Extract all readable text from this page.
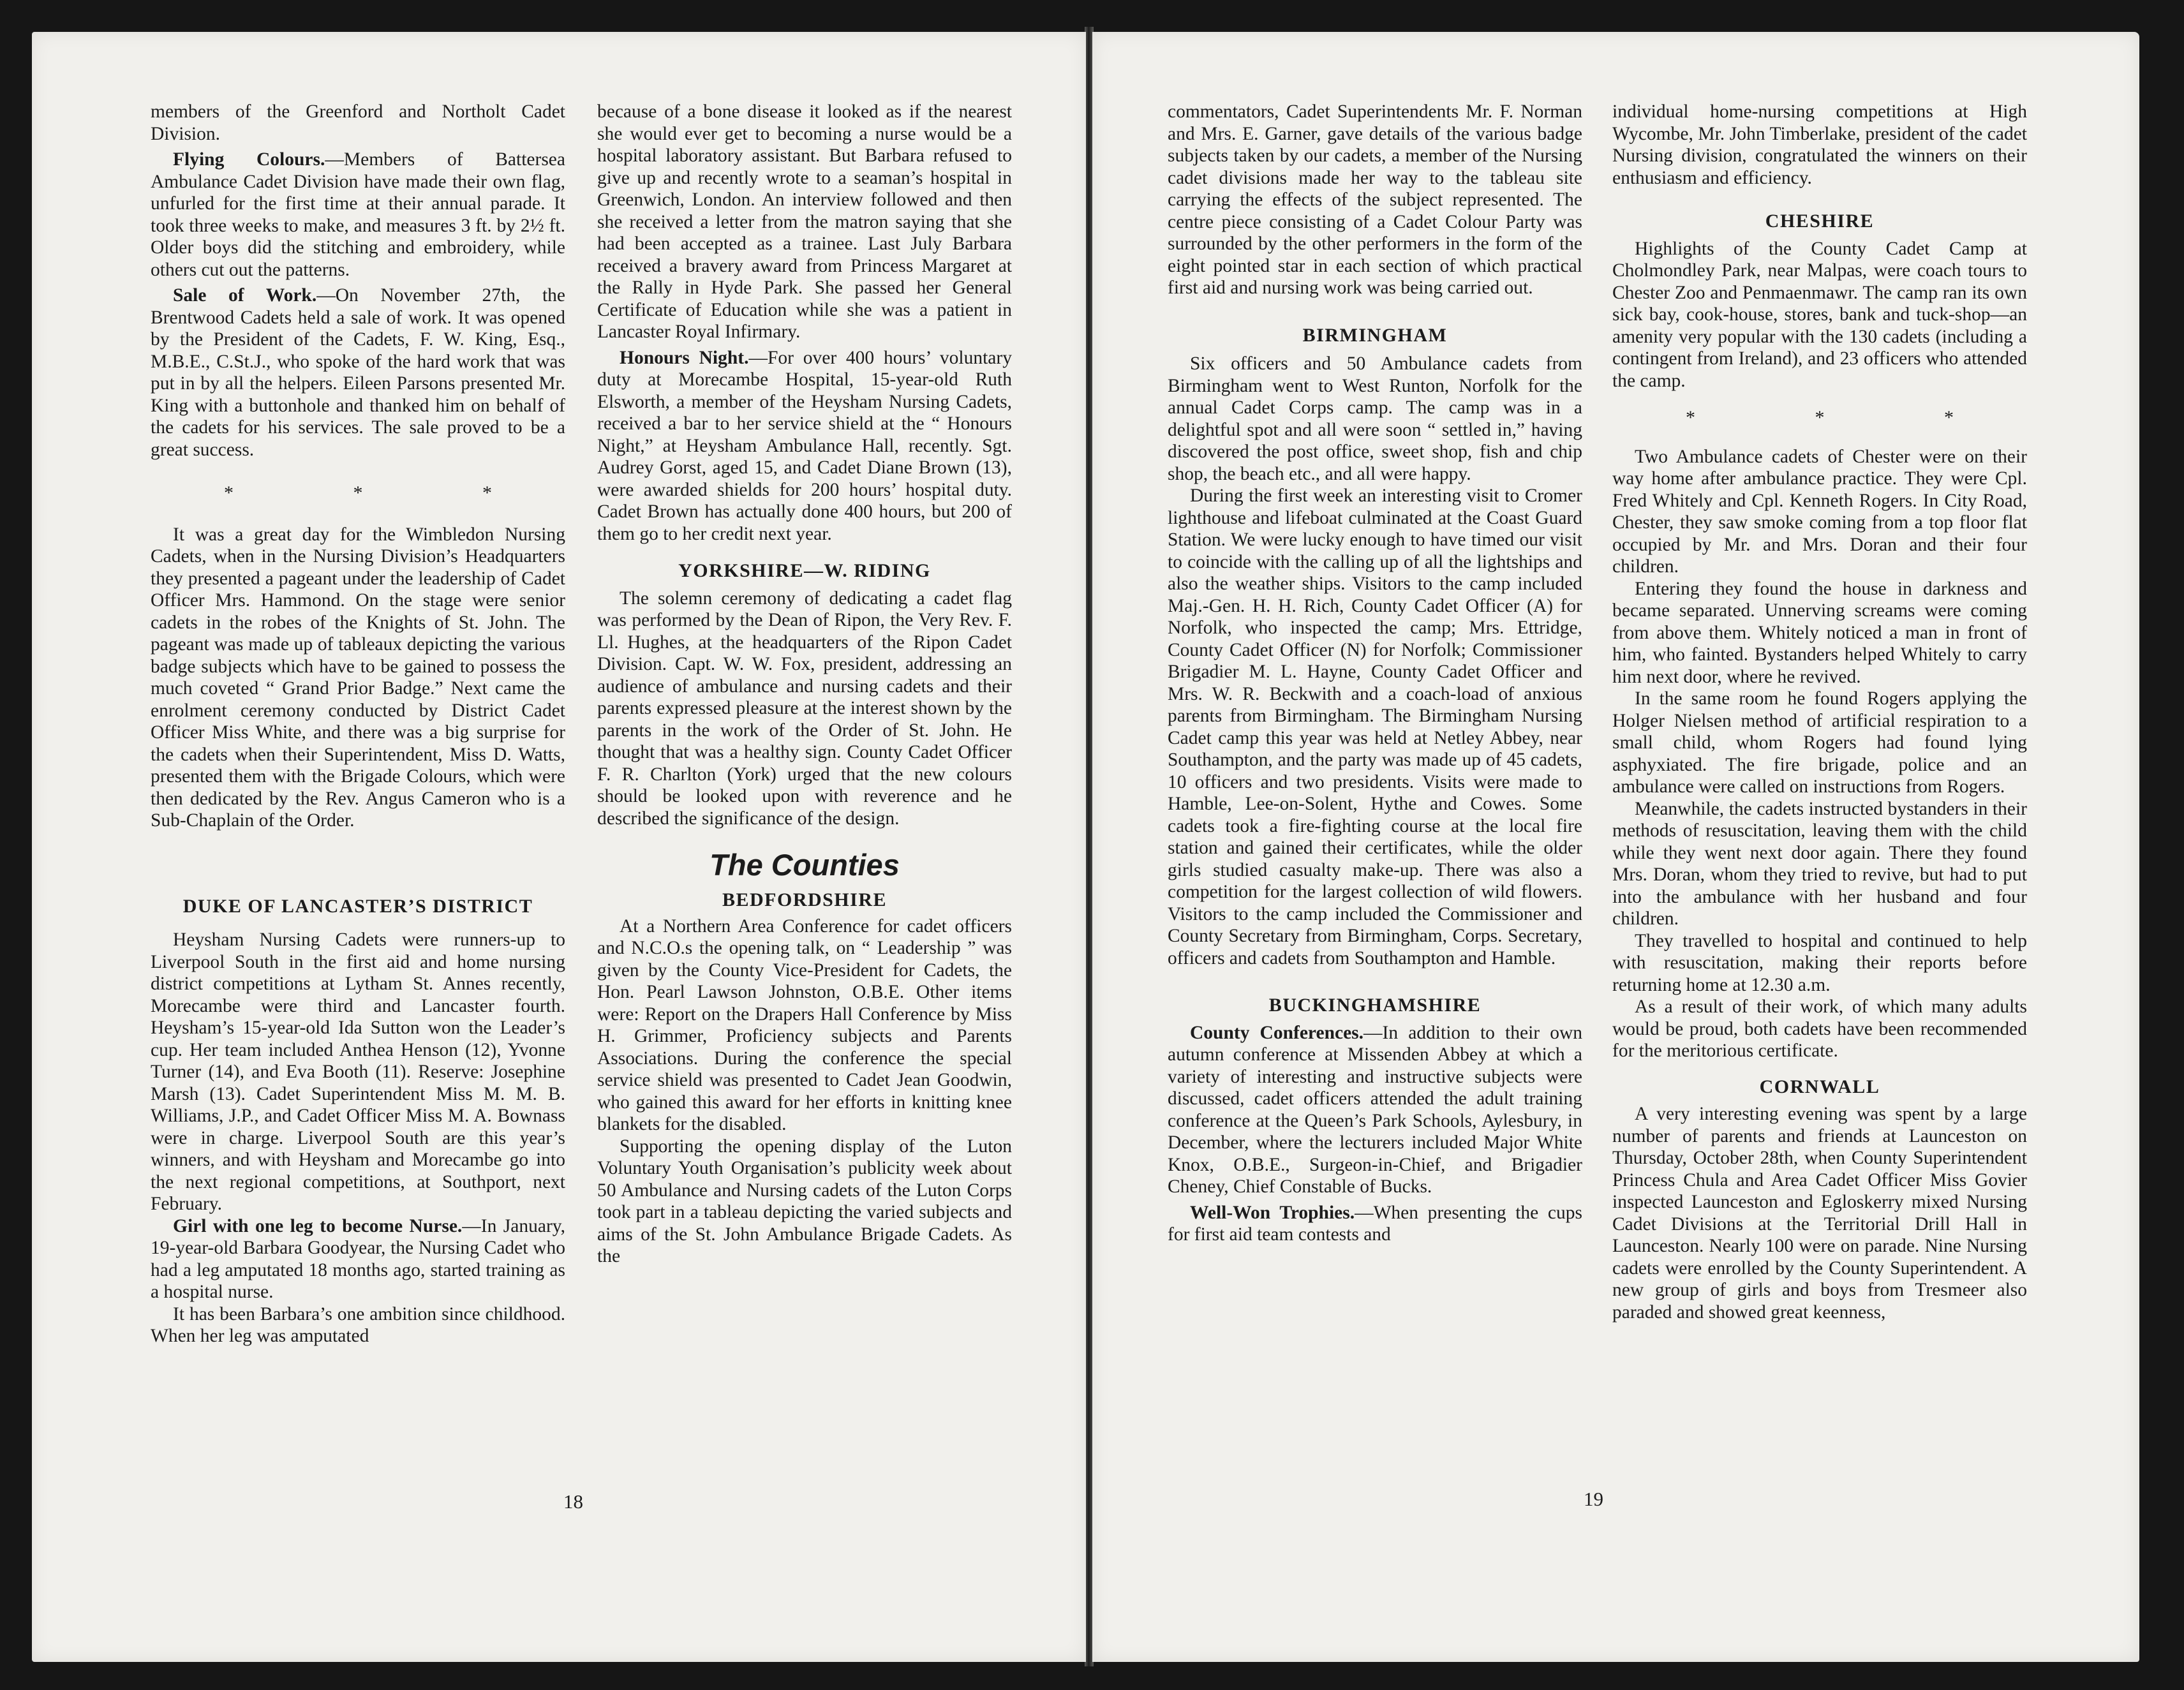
members of the Greenford and Northolt Cadet Division.

Flying Colours.—Members of Battersea Ambulance Cadet Division have made their own flag, unfurled for the first time at their annual parade. It took three weeks to make, and measures 3 ft. by 2½ ft. Older boys did the stitching and embroidery, while others cut out the patterns.

Sale of Work.—On November 27th, the Brentwood Cadets held a sale of work. It was opened by the President of the Cadets, F. W. King, Esq., M.B.E., C.St.J., who spoke of the hard work that was put in by all the helpers. Eileen Parsons presented Mr. King with a buttonhole and thanked him on behalf of the cadets for his services. The sale proved to be a great success.

* * *

It was a great day for the Wimbledon Nursing Cadets, when in the Nursing Division’s Headquarters they presented a pageant under the leadership of Cadet Officer Mrs. Hammond. On the stage were senior cadets in the robes of the Knights of St. John. The pageant was made up of tableaux depicting the various badge subjects which have to be gained to possess the much coveted “ Grand Prior Badge.” Next came the enrolment ceremony conducted by District Cadet Officer Miss White, and there was a big surprise for the cadets when their Superintendent, Miss D. Watts, presented them with the Brigade Colours, which were then dedicated by the Rev. Angus Cameron who is a Sub-Chaplain of the Order.

DUKE OF LANCASTER’S DISTRICT

Heysham Nursing Cadets were runners-up to Liverpool South in the first aid and home nursing district competitions at Lytham St. Annes recently, Morecambe were third and Lancaster fourth. Heysham’s 15-year-old Ida Sutton won the Leader’s cup. Her team included Anthea Henson (12), Yvonne Turner (14), and Eva Booth (11). Reserve: Josephine Marsh (13). Cadet Superintendent Miss M. M. B. Williams, J.P., and Cadet Officer Miss M. A. Bownass were in charge. Liverpool South are this year’s winners, and with Heysham and Morecambe go into the next regional competitions, at Southport, next February.

Girl with one leg to become Nurse.—In January, 19-year-old Barbara Goodyear, the Nursing Cadet who had a leg amputated 18 months ago, started training as a hospital nurse.

It has been Barbara’s one ambition since childhood. When her leg was amputated

because of a bone disease it looked as if the nearest she would ever get to becoming a nurse would be a hospital laboratory assistant. But Barbara refused to give up and recently wrote to a seaman’s hospital in Greenwich, London. An interview followed and then she received a letter from the matron saying that she had been accepted as a trainee. Last July Barbara received a bravery award from Princess Margaret at the Rally in Hyde Park. She passed her General Certificate of Education while she was a patient in Lancaster Royal Infirmary.

Honours Night.—For over 400 hours’ voluntary duty at Morecambe Hospital, 15-year-old Ruth Elsworth, a member of the Heysham Nursing Cadets, received a bar to her service shield at the “ Honours Night,” at Heysham Ambulance Hall, recently. Sgt. Audrey Gorst, aged 15, and Cadet Diane Brown (13), were awarded shields for 200 hours’ hospital duty. Cadet Brown has actually done 400 hours, but 200 of them go to her credit next year.

YORKSHIRE—W. RIDING

The solemn ceremony of dedicating a cadet flag was performed by the Dean of Ripon, the Very Rev. F. Ll. Hughes, at the headquarters of the Ripon Cadet Division. Capt. W. W. Fox, president, addressing an audience of ambulance and nursing cadets and their parents expressed pleasure at the interest shown by the parents in the work of the Order of St. John. He thought that was a healthy sign. County Cadet Officer F. R. Charlton (York) urged that the new colours should be looked upon with reverence and he described the significance of the design.

The Counties
BEDFORDSHIRE

At a Northern Area Conference for cadet officers and N.C.O.s the opening talk, on “ Leadership ” was given by the County Vice-President for Cadets, the Hon. Pearl Lawson Johnston, O.B.E. Other items were: Report on the Drapers Hall Conference by Miss H. Grimmer, Proficiency subjects and Parents Associations. During the conference the special service shield was presented to Cadet Jean Goodwin, who gained this award for her efforts in knitting knee blankets for the disabled.

Supporting the opening display of the Luton Voluntary Youth Organisation’s publicity week about 50 Ambulance and Nursing cadets of the Luton Corps took part in a tableau depicting the varied subjects and aims of the St. John Ambulance Brigade Cadets. As the

commentators, Cadet Superintendents Mr. F. Norman and Mrs. E. Garner, gave details of the various badge subjects taken by our cadets, a member of the Nursing cadet divisions made her way to the tableau site carrying the effects of the subject represented. The centre piece consisting of a Cadet Colour Party was surrounded by the other performers in the form of the eight pointed star in each section of which practical first aid and nursing work was being carried out.

BIRMINGHAM

Six officers and 50 Ambulance cadets from Birmingham went to West Runton, Norfolk for the annual Cadet Corps camp. The camp was in a delightful spot and all were soon “ settled in,” having discovered the post office, sweet shop, fish and chip shop, the beach etc., and all were happy.

During the first week an interesting visit to Cromer lighthouse and lifeboat culminated at the Coast Guard Station. We were lucky enough to have timed our visit to coincide with the calling up of all the lightships and also the weather ships. Visitors to the camp included Maj.-Gen. H. H. Rich, County Cadet Officer (A) for Norfolk, who inspected the camp; Mrs. Ettridge, County Cadet Officer (N) for Norfolk; Commissioner Brigadier M. L. Hayne, County Cadet Officer and Mrs. W. R. Beckwith and a coach-load of anxious parents from Birmingham. The Birmingham Nursing Cadet camp this year was held at Netley Abbey, near Southampton, and the party was made up of 45 cadets, 10 officers and two presidents. Visits were made to Hamble, Lee-on-Solent, Hythe and Cowes. Some cadets took a fire-fighting course at the local fire station and gained their certificates, while the older girls studied casualty make-up. There was also a competition for the largest collection of wild flowers. Visitors to the camp included the Commissioner and County Secretary from Birmingham, Corps. Secretary, officers and cadets from Southampton and Hamble.

BUCKINGHAMSHIRE

County Conferences.—In addition to their own autumn conference at Missenden Abbey at which a variety of interesting and instructive subjects were discussed, cadet officers attended the adult training conference at the Queen’s Park Schools, Aylesbury, in December, where the lecturers included Major White Knox, O.B.E., Surgeon-in-Chief, and Brigadier Cheney, Chief Constable of Bucks.

Well-Won Trophies.—When presenting the cups for first aid team contests and

individual home-nursing competitions at High Wycombe, Mr. John Timberlake, president of the cadet Nursing division, congratulated the winners on their enthusiasm and efficiency.

CHESHIRE

Highlights of the County Cadet Camp at Cholmondley Park, near Malpas, were coach tours to Chester Zoo and Penmaenmawr. The camp ran its own sick bay, cook-house, stores, bank and tuck-shop—an amenity very popular with the 130 cadets (including a contingent from Ireland), and 23 officers who attended the camp.

* * *

Two Ambulance cadets of Chester were on their way home after ambulance practice. They were Cpl. Fred Whitely and Cpl. Kenneth Rogers. In City Road, Chester, they saw smoke coming from a top floor flat occupied by Mr. and Mrs. Doran and their four children.

Entering they found the house in darkness and became separated. Unnerving screams were coming from above them. Whitely noticed a man in front of him, who fainted. Bystanders helped Whitely to carry him next door, where he revived.

In the same room he found Rogers applying the Holger Nielsen method of artificial respiration to a small child, whom Rogers had found lying asphyxiated. The fire brigade, police and an ambulance were called on instructions from Rogers.

Meanwhile, the cadets instructed bystanders in their methods of resuscitation, leaving them with the child while they went next door again. There they found Mrs. Doran, whom they tried to revive, but had to put into the ambulance with her husband and four children.

They travelled to hospital and continued to help with resuscitation, making their reports before returning home at 12.30 a.m.

As a result of their work, of which many adults would be proud, both cadets have been recommended for the meritorious certificate.

CORNWALL

A very interesting evening was spent by a large number of parents and friends at Launceston on Thursday, October 28th, when County Superintendent Princess Chula and Area Cadet Officer Miss Govier inspected Launceston and Egloskerry mixed Nursing Cadet Divisions at the Territorial Drill Hall in Launceston. Nearly 100 were on parade. Nine Nursing cadets were enrolled by the County Superintendent. A new group of girls and boys from Tresmeer also paraded and showed great keenness,

18	19
